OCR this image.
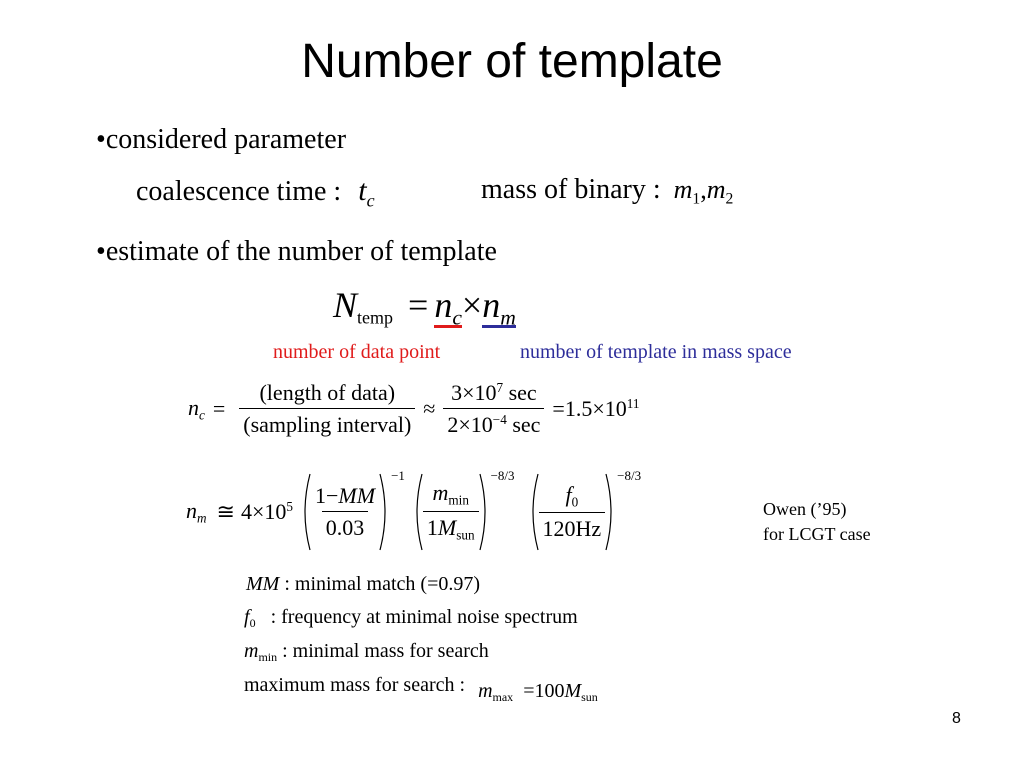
Number of template
•considered parameter
coalescence time : $t_c$	mass of binary : $m_1,m_2$
•estimate of the number of template
$N_{temp} = n_c\times n_m$
number of data point	number of template in mass space
$n_c = \frac{\text{(length of data)}}{\text{(sampling interval)}} \approx \frac{3\times 10^7 \sec}{2\times 10^{-4} \sec} =1.5\times 10^{11}$
$n_m$ ≅ $4\times 10^5 \frac{1-MM}{0.03}$
−1
$\frac{m_{min}}{1M_{sun}}$
−8/3
$\frac{f_0}{120Hz}$
−8/3
Owen (’95)
for LCGT case
MM : minimal match (=0.97)
$f_0$   : frequency at minimal noise spectrum
$m_{min}$ : minimal mass for search
maximum mass for search : $m_{max} =100M_{sun}$
8
